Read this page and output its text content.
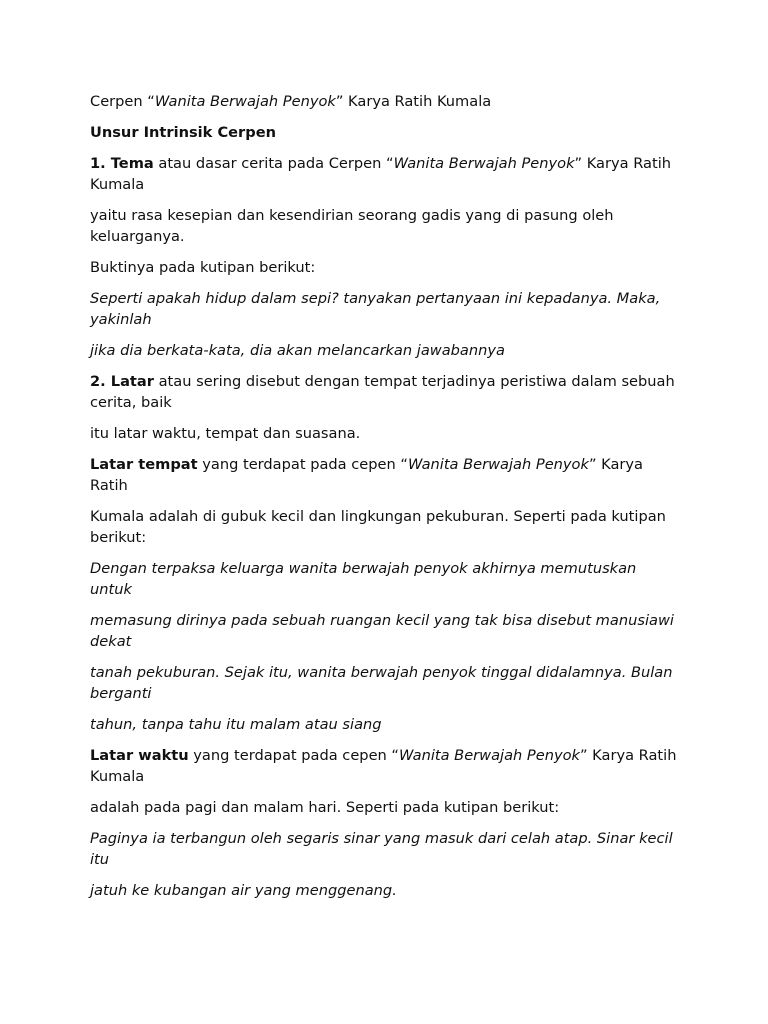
Cerpen “Wanita Berwajah Penyok” Karya Ratih Kumala

Unsur Intrinsik Cerpen

1. Tema atau dasar cerita pada Cerpen “Wanita Berwajah Penyok” Karya Ratih Kumala

yaitu rasa kesepian dan kesendirian seorang gadis yang di pasung oleh keluarganya.

Buktinya pada kutipan berikut:

Seperti apakah hidup dalam sepi? tanyakan pertanyaan ini kepadanya. Maka, yakinlah

jika dia berkata-kata, dia akan melancarkan jawabannya

2. Latar atau sering disebut dengan tempat terjadinya peristiwa dalam sebuah cerita, baik

itu latar waktu, tempat dan suasana.

Latar tempat yang terdapat pada cepen “Wanita Berwajah Penyok” Karya Ratih

Kumala adalah di gubuk kecil dan lingkungan pekuburan. Seperti pada kutipan berikut:

Dengan terpaksa keluarga wanita berwajah penyok akhirnya memutuskan untuk

memasung dirinya pada sebuah ruangan kecil yang tak bisa disebut manusiawi dekat

tanah pekuburan. Sejak itu, wanita berwajah penyok tinggal didalamnya. Bulan berganti

tahun, tanpa tahu itu malam atau siang

Latar waktu yang terdapat pada cepen “Wanita Berwajah Penyok” Karya Ratih Kumala

adalah pada pagi dan malam hari. Seperti pada kutipan berikut:

Paginya ia terbangun oleh segaris sinar yang masuk dari celah atap. Sinar kecil itu

jatuh ke kubangan air yang menggenang.
